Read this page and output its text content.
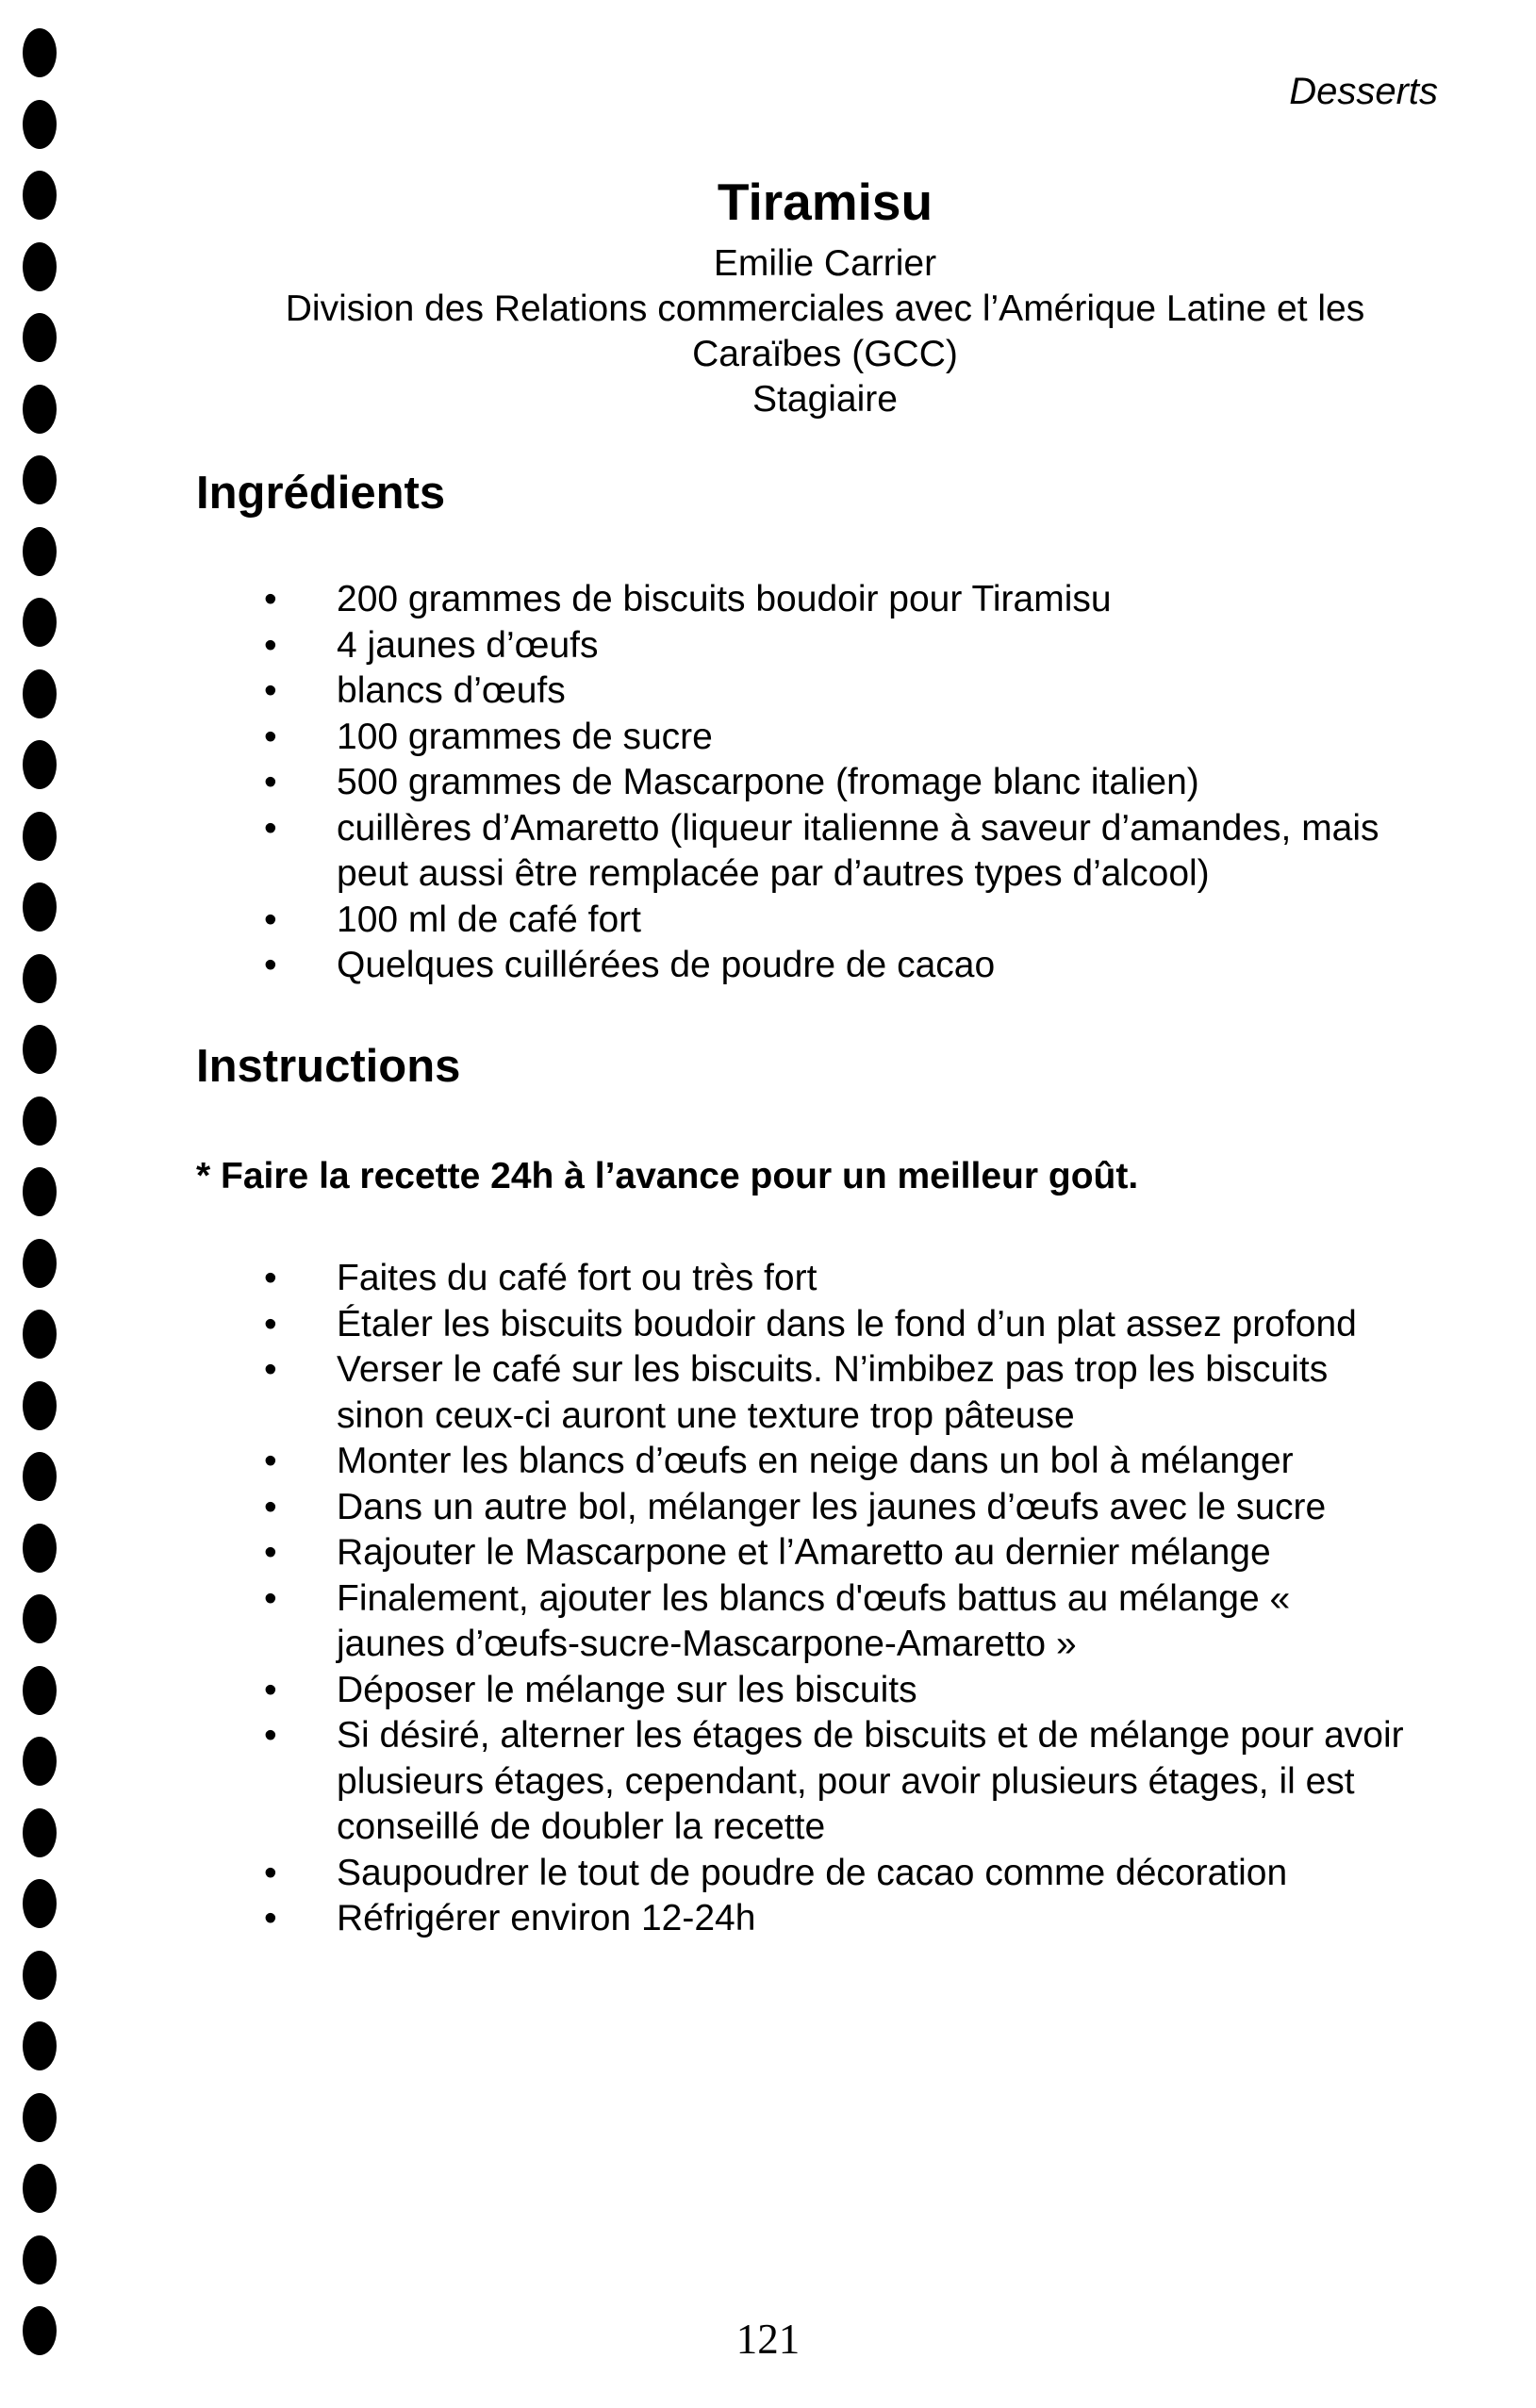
Desserts
Tiramisu
Emilie Carrier
Division des Relations commerciales avec l’Amérique Latine et les
Caraïbes (GCC)
Stagiaire
Ingrédients
• 200 grammes de biscuits boudoir pour Tiramisu
• 4 jaunes d’œufs
• blancs d’œufs
• 100 grammes de sucre
• 500 grammes de Mascarpone (fromage blanc italien)
• cuillères d’Amaretto (liqueur italienne à saveur d’amandes, mais peut aussi être remplacée par d’autres types d’alcool)
• 100 ml de café fort
• Quelques cuillérées de poudre de cacao
Instructions
* Faire la recette 24h à l’avance pour un meilleur goût.
• Faites du café fort ou très fort
• Étaler les biscuits boudoir dans le fond d’un plat assez profond
• Verser le café sur les biscuits. N’imbibez pas trop les biscuits sinon ceux-ci auront une texture trop pâteuse
• Monter les blancs d’œufs en neige dans un bol à mélanger
• Dans un autre bol, mélanger les jaunes d’œufs avec le sucre
• Rajouter le Mascarpone et l’Amaretto au dernier mélange
• Finalement, ajouter les blancs d'œufs battus au mélange « jaunes d’œufs-sucre-Mascarpone-Amaretto »
• Déposer le mélange sur les biscuits
• Si désiré, alterner les étages de biscuits et de mélange pour avoir plusieurs étages, cependant, pour avoir plusieurs étages, il est conseillé de doubler la recette
• Saupoudrer le tout de poudre de cacao comme décoration
• Réfrigérer environ 12-24h
121
